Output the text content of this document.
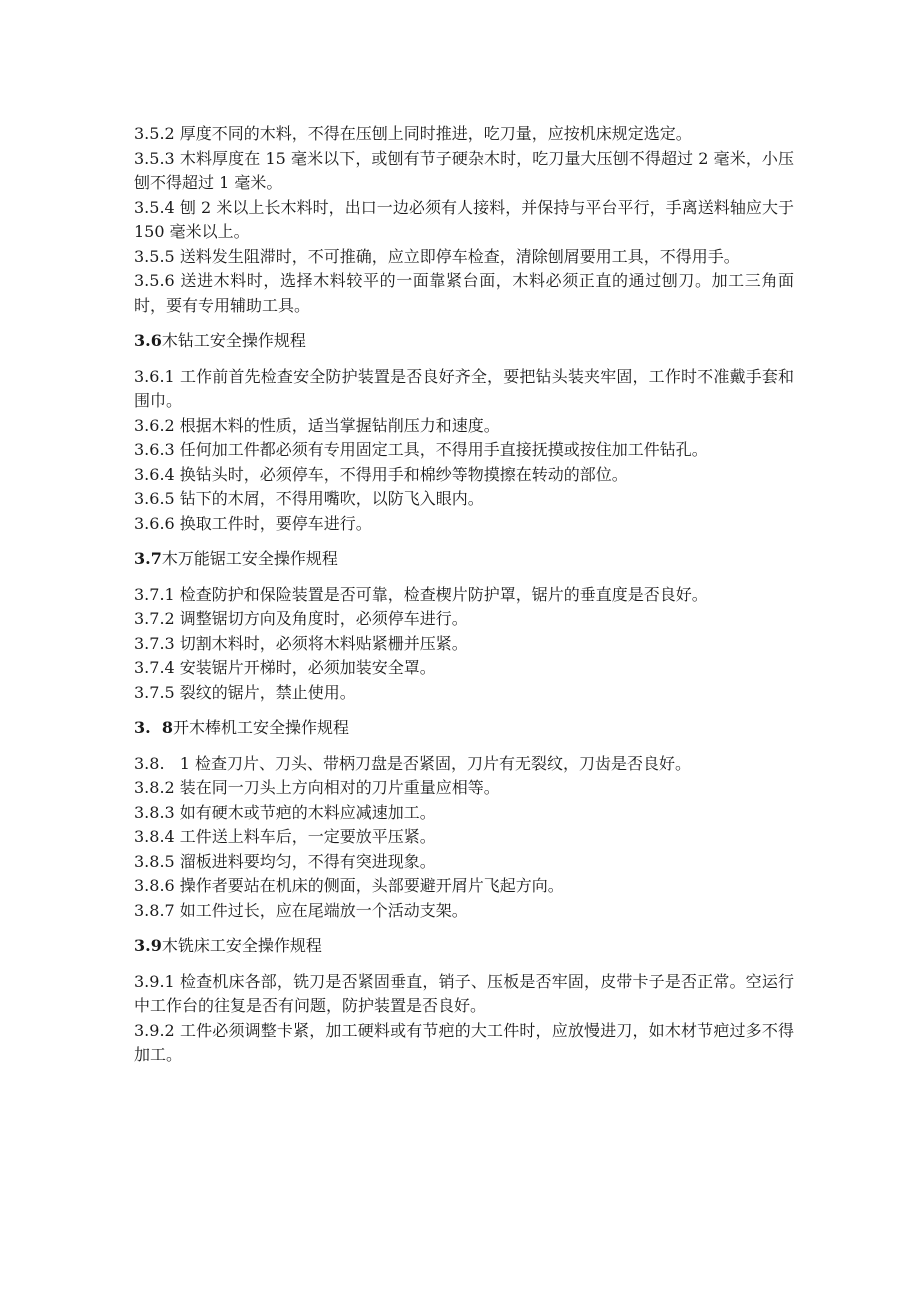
3.5.2 厚度不同的木料，不得在压刨上同时推进，吃刀量，应按机床规定选定。

3.5.3 木料厚度在 15 毫米以下，或刨有节子硬杂木时，吃刀量大压刨不得超过 2 毫米，小压刨不得超过 1 毫米。

3.5.4 刨 2 米以上长木料时，出口一边必须有人接料，并保持与平台平行，手离送料轴应大于 150 毫米以上。

3.5.5 送料发生阻滞时，不可推确，应立即停车检查，清除刨屑要用工具，不得用手。

3.5.6 送进木料时，选择木料较平的一面靠紧台面，木料必须正直的通过刨刀。加工三角面时，要有专用辅助工具。

3.6木钻工安全操作规程

3.6.1 工作前首先检查安全防护装置是否良好齐全，要把钻头装夹牢固，工作时不准戴手套和围巾。

3.6.2 根据木料的性质，适当掌握钻削压力和速度。

3.6.3 任何加工件都必须有专用固定工具，不得用手直接抚摸或按住加工件钻孔。

3.6.4 换钻头时，必须停车，不得用手和棉纱等物摸擦在转动的部位。

3.6.5 钻下的木屑，不得用嘴吹，以防飞入眼内。

3.6.6 换取工件时，要停车进行。

3.7木万能锯工安全操作规程

3.7.1 检查防护和保险装置是否可靠，检查楔片防护罩，锯片的垂直度是否良好。

3.7.2 调整锯切方向及角度时，必须停车进行。

3.7.3 切割木料时，必须将木料贴紧栅并压紧。

3.7.4 安装锯片开梯时，必须加装安全罩。

3.7.5 裂纹的锯片，禁止使用。

3.  8开木棒机工安全操作规程

3.8.   1 检查刀片、刀头、带柄刀盘是否紧固，刀片有无裂纹，刀齿是否良好。

3.8.2 装在同一刀头上方向相对的刀片重量应相等。

3.8.3 如有硬木或节疤的木料应减速加工。

3.8.4 工件送上料车后，一定要放平压紧。

3.8.5 溜板进料要均匀，不得有突进现象。

3.8.6 操作者要站在机床的侧面，头部要避开屑片飞起方向。

3.8.7 如工件过长，应在尾端放一个活动支架。

3.9木铣床工安全操作规程

3.9.1 检查机床各部，铣刀是否紧固垂直，销子、压板是否牢固，皮带卡子是否正常。空运行中工作台的往复是否有问题，防护装置是否良好。

3.9.2 工件必须调整卡紧，加工硬料或有节疤的大工件时，应放慢进刀，如木材节疤过多不得加工。
